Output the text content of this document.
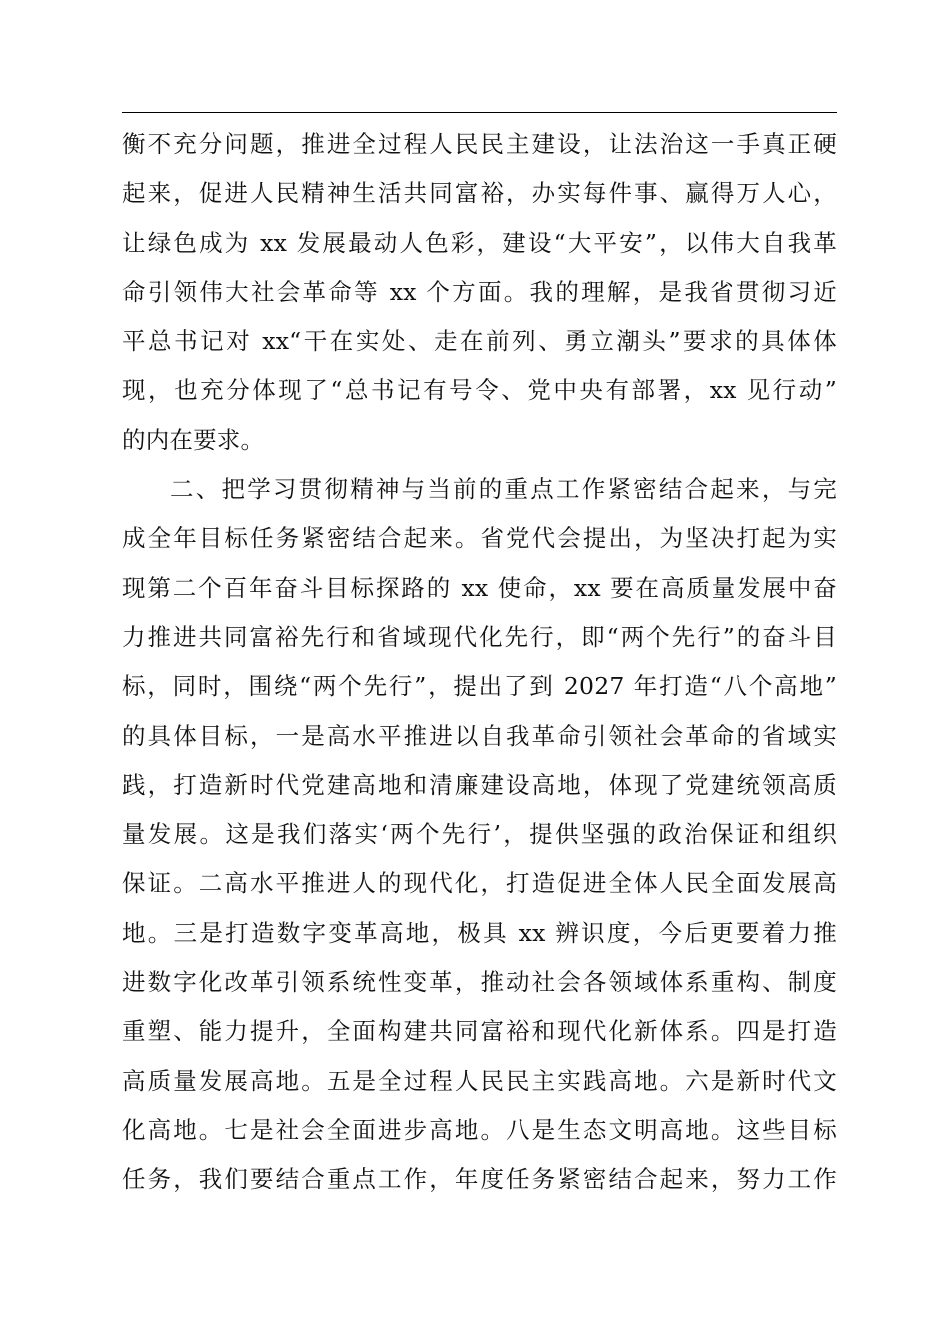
衡不充分问题，推进全过程人民民主建设，让法治这一手真正硬
起来，促进人民精神生活共同富裕，办实每件事、赢得万人心，
让绿色成为 xx 发展最动人色彩，建设“大平安”，以伟大自我革
命引领伟大社会革命等 xx 个方面。我的理解，是我省贯彻习近
平总书记对 xx“干在实处、走在前列、勇立潮头”要求的具体体
现，也充分体现了“总书记有号令、党中央有部署，xx 见行动”
的内在要求。
二、把学习贯彻精神与当前的重点工作紧密结合起来，与完
成全年目标任务紧密结合起来。省党代会提出，为坚决打起为实
现第二个百年奋斗目标探路的 xx 使命，xx 要在高质量发展中奋
力推进共同富裕先行和省域现代化先行，即“两个先行”的奋斗目
标，同时，围绕“两个先行”，提出了到 2027 年打造“八个高地”
的具体目标，一是高水平推进以自我革命引领社会革命的省域实
践，打造新时代党建高地和清廉建设高地，体现了党建统领高质
量发展。这是我们落实‘两个先行’，提供坚强的政治保证和组织
保证。二高水平推进人的现代化，打造促进全体人民全面发展高
地。三是打造数字变革高地，极具 xx 辨识度，今后更要着力推
进数字化改革引领系统性变革，推动社会各领域体系重构、制度
重塑、能力提升，全面构建共同富裕和现代化新体系。四是打造
高质量发展高地。五是全过程人民民主实践高地。六是新时代文
化高地。七是社会全面进步高地。八是生态文明高地。这些目标
任务，我们要结合重点工作，年度任务紧密结合起来，努力工作
